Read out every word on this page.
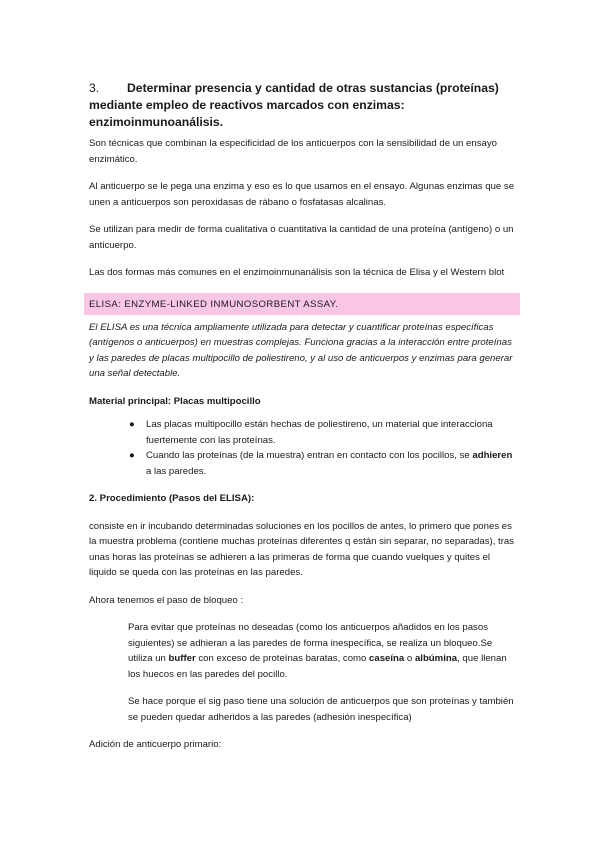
3. Determinar presencia y cantidad de otras sustancias (proteínas)
mediante empleo de reactivos marcados con enzimas:
enzimoinmunoanálisis.

Son técnicas que combinan la especificidad de los anticuerpos con la sensibilidad de un ensayo enzimático.

Al anticuerpo se le pega una enzima y eso es lo que usamos en el ensayo. Algunas enzimas que se unen a anticuerpos son peroxidasas de rábano o fosfatasas alcalinas.

Se utilizan para medir de forma cualitativa o cuantitativa la cantidad de una proteína (antígeno) o un anticuerpo.

Las dos formas más comunes en el enzimoinmunanálisis son la técnica de Elisa y el Western blot

ELISA: ENZYME-LINKED INMUNOSORBENT ASSAY.

El ELISA es una técnica ampliamente utilizada para detectar y cuantificar proteínas específicas (antígenos o anticuerpos) en muestras complejas. Funciona gracias a la interacción entre proteínas y las paredes de placas multipocillo de poliestireno, y al uso de anticuerpos y enzimas para generar una señal detectable.

Material principal: Placas multipocillo

● Las placas multipocillo están hechas de poliestireno, un material que interacciona fuertemente con las proteínas.
● Cuando las proteínas (de la muestra) entran en contacto con los pocillos, se adhieren a las paredes.

2. Procedimiento (Pasos del ELISA):

consiste en ir incubando determinadas soluciones en los pocillos de antes, lo primero que pones es la muestra problema (contiene muchas proteínas diferentes q están sin separar, no separadas), tras unas horas las proteínas se adhieren a las primeras de forma que cuando vuelques y quites el liquido se queda con las proteínas en las paredes.

Ahora tenemos el paso de bloqueo :

Para evitar que proteínas no deseadas (como los anticuerpos añadidos en los pasos siguientes) se adhieran a las paredes de forma inespecífica, se realiza un bloqueo.Se utiliza un buffer con exceso de proteínas baratas, como caseína o albúmina, que llenan los huecos en las paredes del pocillo.

Se hace porque el sig paso tiene una solución de anticuerpos que son proteínas y también se pueden quedar adheridos a las paredes (adhesión inespecífica)

Adición de anticuerpo primario:
